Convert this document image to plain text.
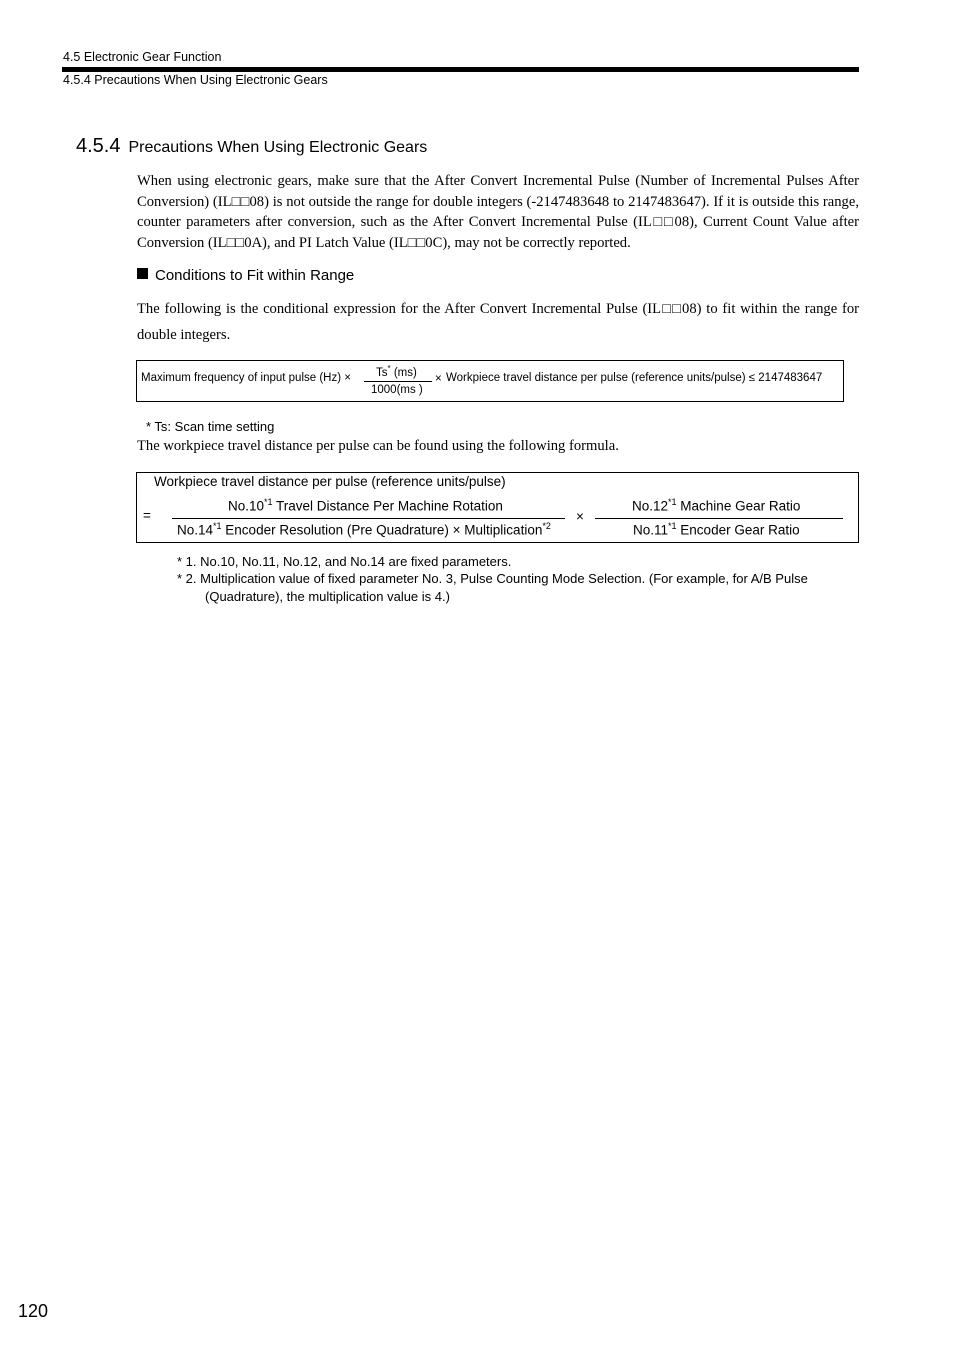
4.5 Electronic Gear Function
4.5.4 Precautions When Using Electronic Gears
4.5.4 Precautions When Using Electronic Gears
When using electronic gears, make sure that the After Convert Incremental Pulse (Number of Incremental Pulses After Conversion) (IL□□08) is not outside the range for double integers (-2147483648 to 2147483647). If it is outside this range, counter parameters after conversion, such as the After Convert Incremental Pulse (IL□□08), Current Count Value after Conversion (IL□□0A), and PI Latch Value (IL□□0C), may not be correctly reported.
Conditions to Fit within Range
The following is the conditional expression for the After Convert Incremental Pulse (IL□□08) to fit within the range for double integers.
Maximum frequency of input pulse (Hz) × Ts* (ms)
1000(ms )
× Workpiece travel distance per pulse (reference units/pulse) ≤ 2147483647
* Ts: Scan time setting
The workpiece travel distance per pulse can be found using the following formula.
Workpiece travel distance per pulse (reference units/pulse)
=
$No.10^{*1}$ Travel Distance Per Machine Rotation
No.14$^{*1}$ Encoder Resolution (Pre Quadrature) × Multiplication$^{*2}$
×
$No.12^{*1}$ Machine Gear Ratio
No.11$^{*1}$ Encoder Gear Ratio
* 1. No.10, No.11, No.12, and No.14 are fixed parameters.
* 2. Multiplication value of fixed parameter No. 3, Pulse Counting Mode Selection. (For example, for A/B Pulse
(Quadrature), the multiplication value is 4.)
120
